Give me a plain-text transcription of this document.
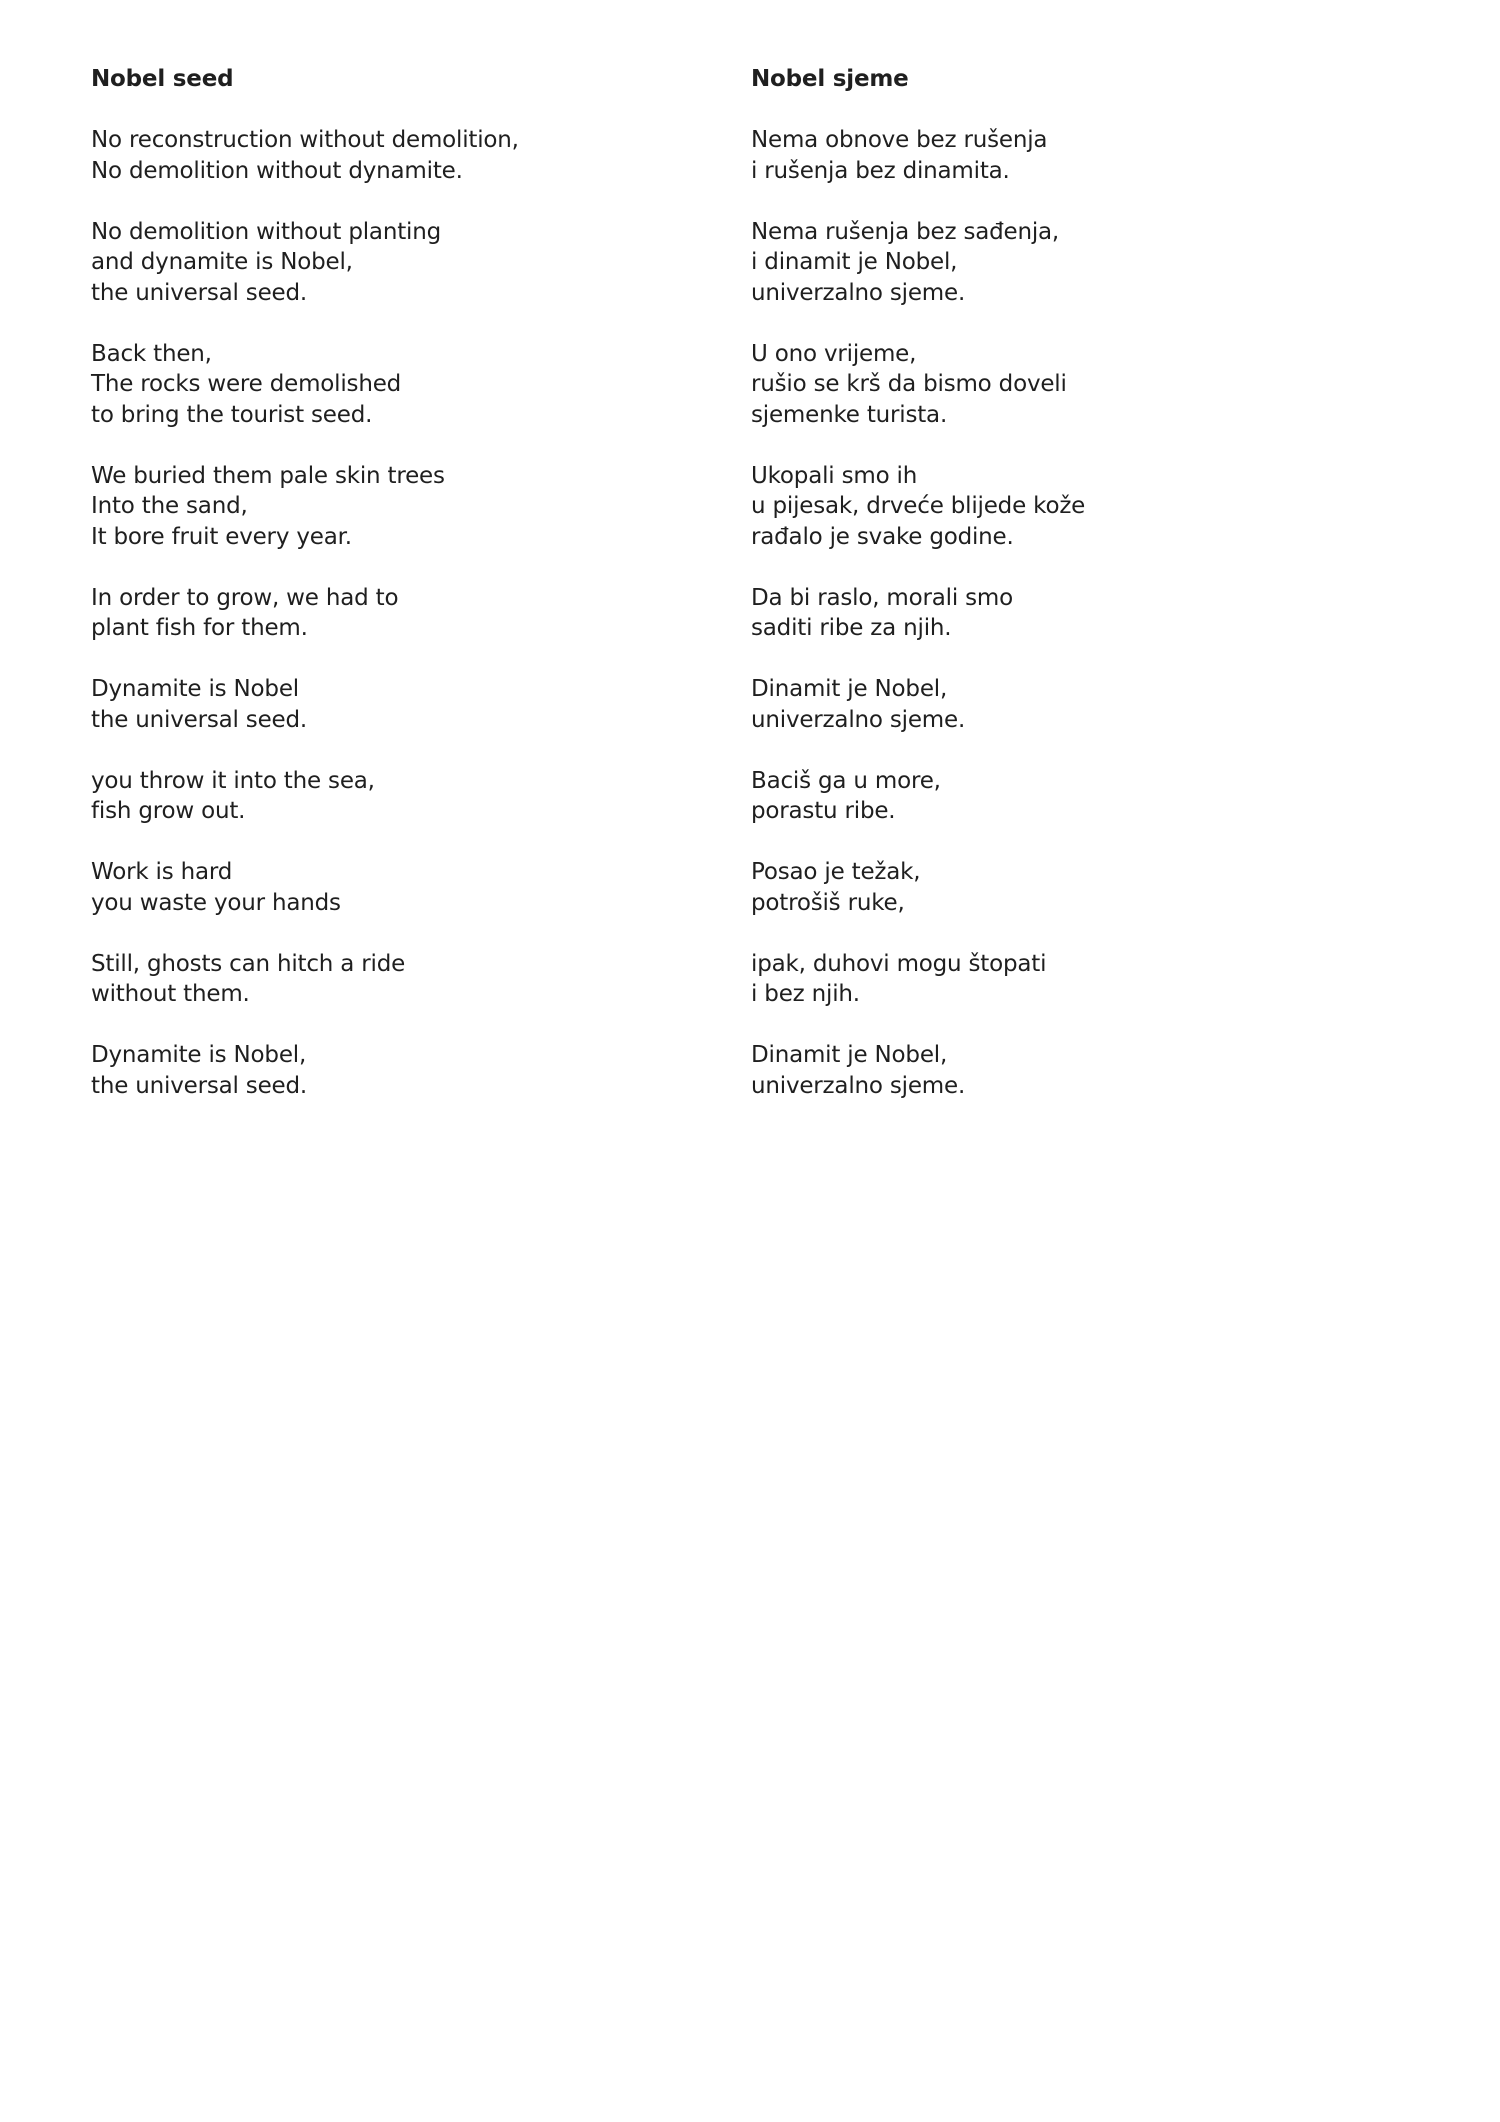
Nobel seed
No reconstruction without demolition,
No demolition without dynamite.
No demolition without planting
and dynamite is Nobel,
the universal seed.
Back then,
The rocks were demolished
to bring the tourist seed.
We buried them pale skin trees
Into the sand,
It bore fruit every year.
In order to grow, we had to
plant fish for them.
Dynamite is Nobel
the universal seed.
you throw it into the sea,
fish grow out.
Work is hard
you waste your hands
Still, ghosts can hitch a ride
without them.
Dynamite is Nobel,
the universal seed.
Nobel sjeme
Nema obnove bez rušenja
i rušenja bez dinamita.
Nema rušenja bez sađenja,
i dinamit je Nobel,
univerzalno sjeme.
U ono vrijeme,
rušio se krš da bismo doveli
sjemenke turista.
Ukopali smo ih
u pijesak, drveće blijede kože
rađalo je svake godine.
Da bi raslo, morali smo
saditi ribe za njih.
Dinamit je Nobel,
univerzalno sjeme.
Baciš ga u more,
porastu ribe.
Posao je težak,
potrošiš ruke,
ipak, duhovi mogu štopati
i bez njih.
Dinamit je Nobel,
univerzalno sjeme.
